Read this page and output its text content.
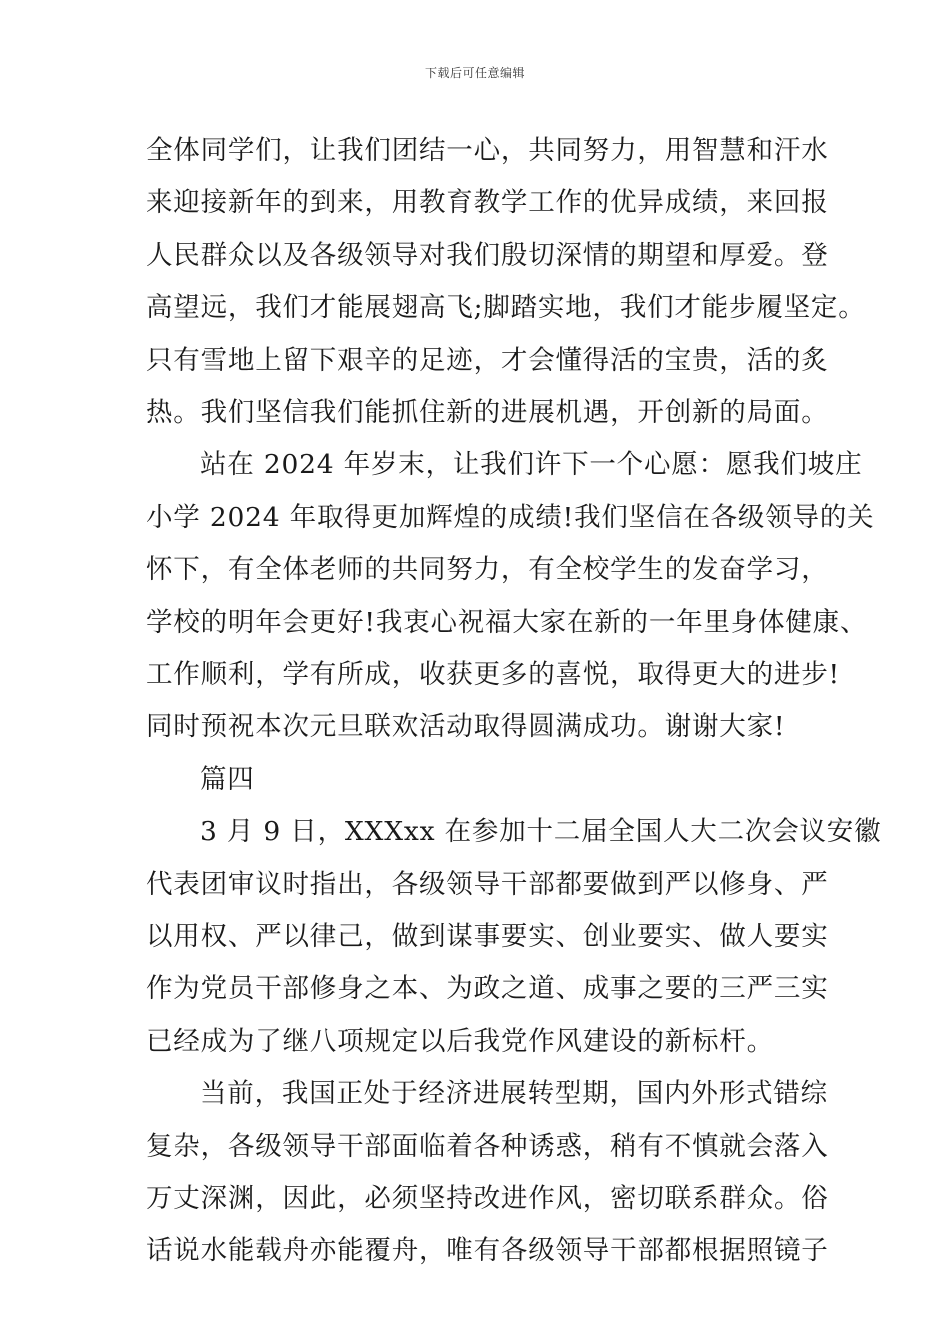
下载后可任意编辑
全体同学们，让我们团结一心，共同努力，用智慧和汗水
来迎接新年的到来，用教育教学工作的优异成绩，来回报
人民群众以及各级领导对我们殷切深情的期望和厚爱。登
高望远，我们才能展翅高飞;脚踏实地，我们才能步履坚定。
只有雪地上留下艰辛的足迹，才会懂得活的宝贵，活的炙
热。我们坚信我们能抓住新的进展机遇，开创新的局面。
站在 2024 年岁末，让我们许下一个心愿：愿我们坡庄
小学 2024 年取得更加辉煌的成绩!我们坚信在各级领导的关
怀下，有全体老师的共同努力，有全校学生的发奋学习，
学校的明年会更好!我衷心祝福大家在新的一年里身体健康、
工作顺利，学有所成，收获更多的喜悦，取得更大的进步!
同时预祝本次元旦联欢活动取得圆满成功。谢谢大家!
篇四
3 月 9 日，XXXxx 在参加十二届全国人大二次会议安徽
代表团审议时指出，各级领导干部都要做到严以修身、严
以用权、严以律己，做到谋事要实、创业要实、做人要实
作为党员干部修身之本、为政之道、成事之要的三严三实
已经成为了继八项规定以后我党作风建设的新标杆。
当前，我国正处于经济进展转型期，国内外形式错综
复杂，各级领导干部面临着各种诱惑，稍有不慎就会落入
万丈深渊，因此，必须坚持改进作风，密切联系群众。俗
话说水能载舟亦能覆舟，唯有各级领导干部都根据照镜子
